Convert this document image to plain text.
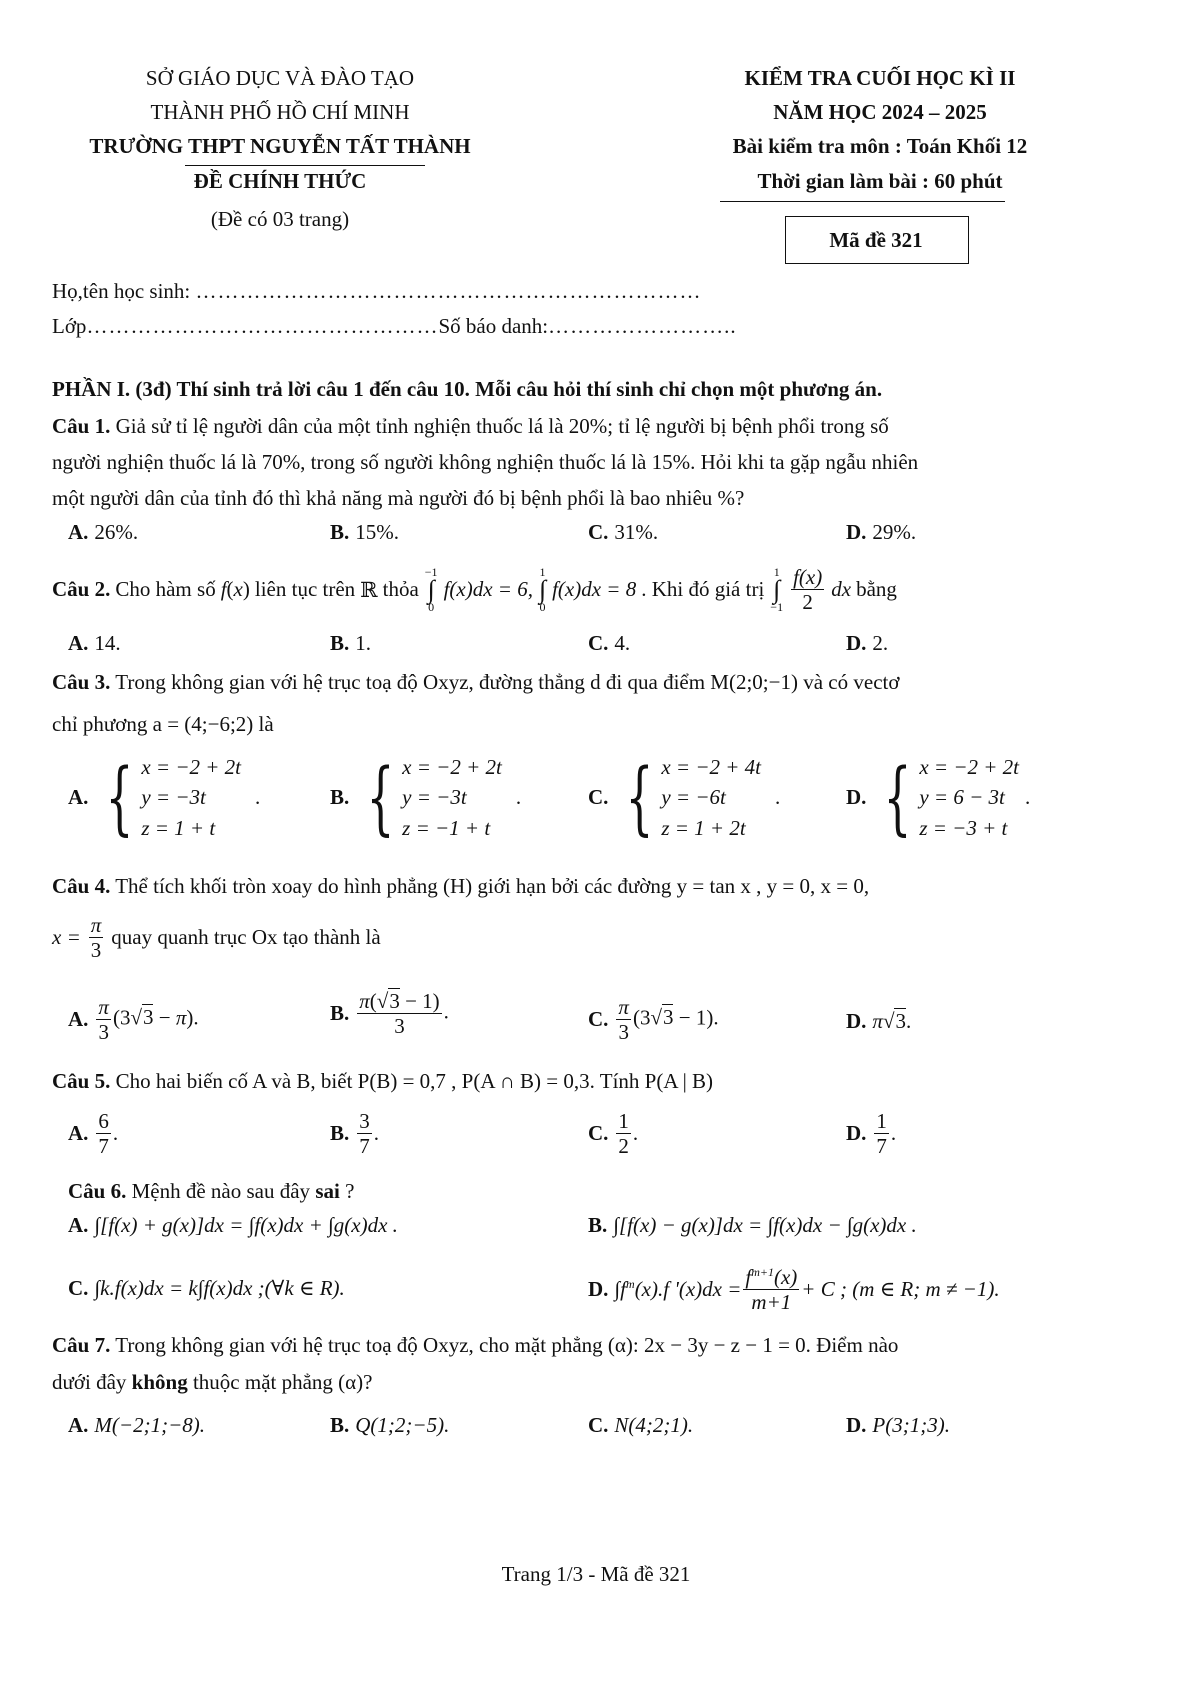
SỞ GIÁO DỤC VÀ ĐÀO TẠO
THÀNH PHỐ HỒ CHÍ MINH
TRƯỜNG THPT NGUYỄN TẤT THÀNH
ĐỀ CHÍNH THỨC
(Đề có 03 trang)
KIỂM TRA CUỐI HỌC KÌ II
NĂM HỌC 2024 – 2025
Bài kiểm tra môn : Toán Khối 12
Thời gian làm bài : 60 phút
Mã đề 321
Họ,tên học sinh: ……………………………………………………………
Lớp…………………………………………Số báo danh:……………………..
PHẦN I. (3đ) Thí sinh trả lời câu 1 đến câu 10. Mỗi câu hỏi thí sinh chỉ chọn một phương án.
Câu 1. Giả sử tỉ lệ người dân của một tỉnh nghiện thuốc lá là 20%; tỉ lệ người bị bệnh phổi trong số
người nghiện thuốc lá là 70%, trong số người không nghiện thuốc lá là 15%. Hỏi khi ta gặp ngẫu nhiên
một người dân của tỉnh đó thì khả năng mà người đó bị bệnh phổi là bao nhiêu %?
A. 26%.	B. 15%.	C. 31%.	D. 29%.
Câu 2. Cho hàm số f(x) liên tục trên ℝ thỏa
−1
∫
0
f(x)dx = 6,
1
∫
0
f(x)dx = 8 . Khi đó giá trị
1
∫
$-1 \frac{f(x)}{2}$ dx bằng
A. 14.	B. 1.	C. 4.	D. 2.
Câu 3. Trong không gian với hệ trục toạ độ Oxyz, đường thẳng d đi qua điểm M(2;0;−1) và có vectơ
chỉ phương a = (4;−6;2) là
A. { x = −2 + 2t
y = −3t
z = 1 + t
.	B. { x = −2 + 2t
y = −3t
z = −1 + t
.	C. { x = −2 + 4t
y = −6t
z = 1 + 2t
.	D. { x = −2 + 2t
y = 6 − 3t
z = −3 + t
.
Câu 4. Thể tích khối tròn xoay do hình phẳng (H) giới hạn bởi các đường y = tan x , y = 0, x = 0,
$x = \frac{\pi}{3}$ quay quanh trục Ox tạo thành là
A. $\frac{\pi}{3} (3√3 - \pi)$.	B. $\frac{\pi(√3 - 1)}{3}$ .	C. $\frac{\pi}{3} (3√3 - 1)$.	D. π√3.
Câu 5. Cho hai biến cố A và B, biết P(B) = 0,7 , P(A ∩ B) = 0,3. Tính P(A | B)
A. $\frac{6}{7}$ .	B. $\frac{3}{7}$ .	C. $\frac{1}{2}$ .	D. $\frac{1}{7}$ .
Câu 6. Mệnh đề nào sau đây sai ?
A. ∫[f(x) + g(x)]dx = ∫f(x)dx + ∫g(x)dx .	B. ∫[f(x) − g(x)]dx = ∫f(x)dx − ∫g(x)dx .
C. ∫k.f(x)dx = k∫f(x)dx ;(∀k ∈ R).	D. $\int f^m(x).f$ '$(x)dx = \frac{f^{m+1}(x)}{m+1} + C$ ; (m ∈ R; m ≠ −1).
Câu 7. Trong không gian với hệ trục toạ độ Oxyz, cho mặt phẳng (α): 2x − 3y − z − 1 = 0. Điểm nào
dưới đây không thuộc mặt phẳng (α)?
A. M(−2;1;−8).	B. Q(1;2;−5).	C. N(4;2;1).	D. P(3;1;3).
Trang 1/3 - Mã đề 321
